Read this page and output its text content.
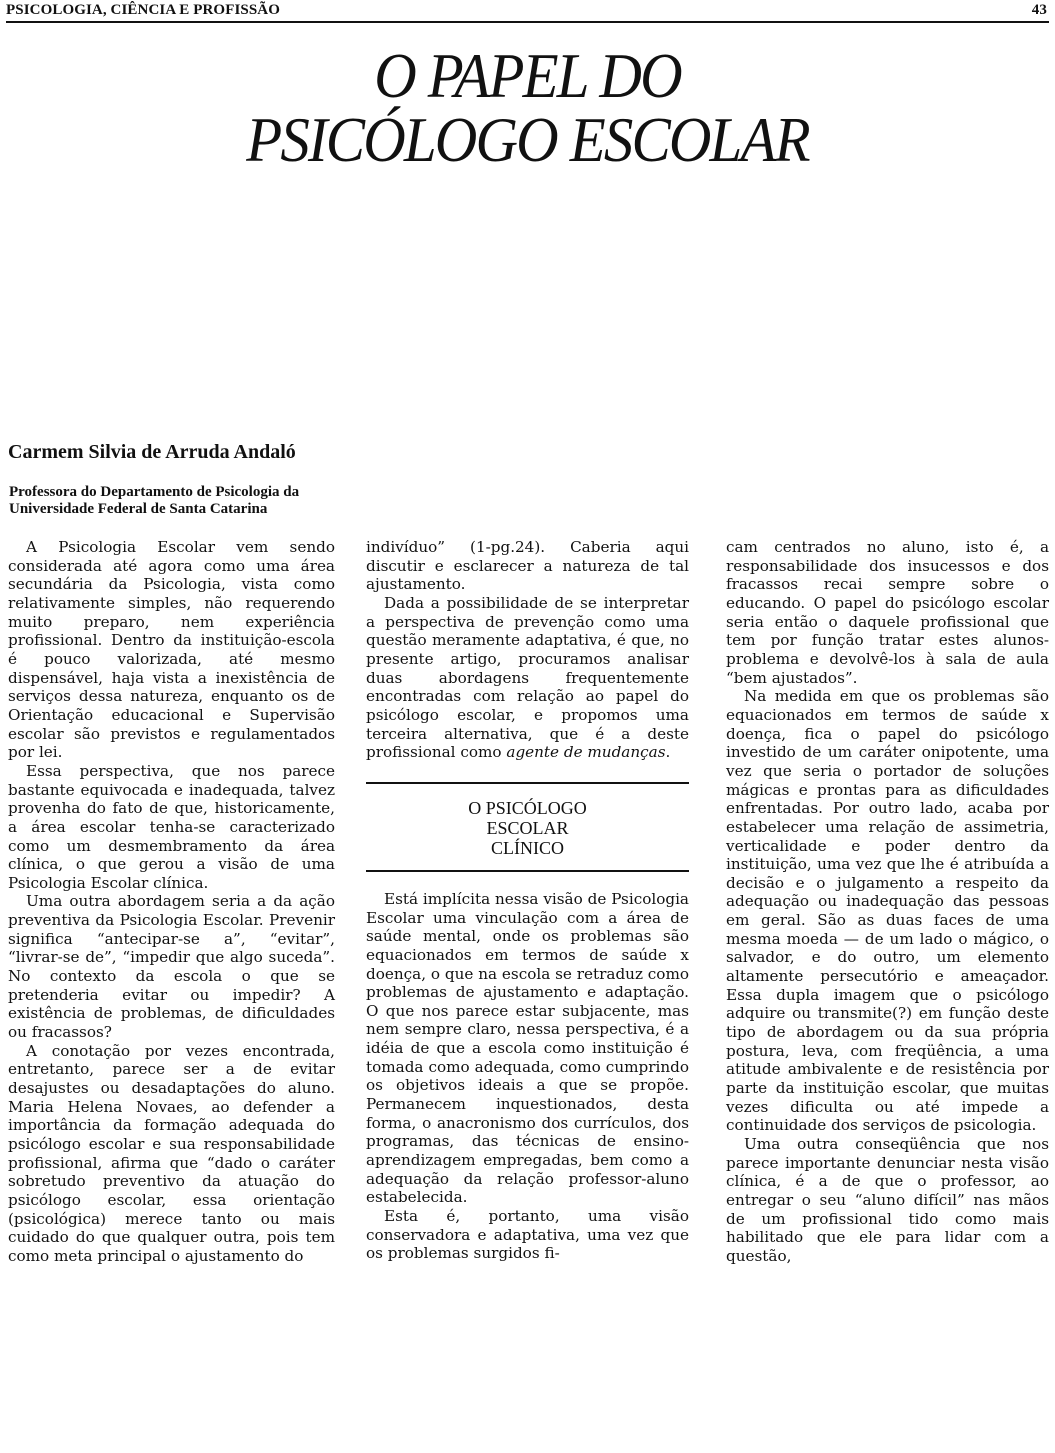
PSICOLOGIA, CIÊNCIA E PROFISSÃO	43
O PAPEL DO
PSICÓLOGO ESCOLAR
Carmem Silvia de Arruda Andaló
Professora do Departamento de Psicologia da
Universidade Federal de Santa Catarina

A Psicologia Escolar vem sendo considerada até agora como uma área secundária da Psicologia, vista como relativamente simples, não requerendo muito preparo, nem experiência profissional. Dentro da instituição-escola é pouco valorizada, até mesmo dispensável, haja vista a inexistência de serviços dessa natureza, enquanto os de Orientação educacional e Supervisão escolar são previstos e regulamentados por lei.

Essa perspectiva, que nos parece bastante equivocada e inadequada, talvez provenha do fato de que, historicamente, a área escolar tenha-se caracterizado como um desmembramento da área clínica, o que gerou a visão de uma Psicologia Escolar clínica.

Uma outra abordagem seria a da ação preventiva da Psicologia Escolar. Prevenir significa “antecipar-se a”, “evitar”, “livrar-se de”, “impedir que algo suceda”. No contexto da escola o que se pretenderia evitar ou impedir? A existência de problemas, de dificuldades ou fracassos?

A conotação por vezes encontrada, entretanto, parece ser a de evitar desajustes ou desadaptações do aluno. Maria Helena Novaes, ao defender a importância da formação adequada do psicólogo escolar e sua responsabilidade profissional, afirma que “dado o caráter sobretudo preventivo da atuação do psicólogo escolar, essa orientação (psicológica) merece tanto ou mais cuidado do que qualquer outra, pois tem como meta principal o ajustamento do

indivíduo” (1-pg.24). Caberia aqui discutir e esclarecer a natureza de tal ajustamento.

Dada a possibilidade de se interpretar a perspectiva de prevenção como uma questão meramente adaptativa, é que, no presente artigo, procuramos analisar duas abordagens frequentemente encontradas com relação ao papel do psicólogo escolar, e propomos uma terceira alternativa, que é a deste profissional como agente de mudanças.

O PSICÓLOGO
ESCOLAR
CLÍNICO

Está implícita nessa visão de Psicologia Escolar uma vinculação com a área de saúde mental, onde os problemas são equacionados em termos de saúde x doença, o que na escola se retraduz como problemas de ajustamento e adaptação. O que nos parece estar subjacente, mas nem sempre claro, nessa perspectiva, é a idéia de que a escola como instituição é tomada como adequada, como cumprindo os objetivos ideais a que se propõe. Permanecem inquestionados, desta forma, o anacronismo dos currículos, dos programas, das técnicas de ensino-aprendizagem empregadas, bem como a adequação da relação professor-aluno estabelecida.

Esta é, portanto, uma visão conservadora e adaptativa, uma vez que os problemas surgidos fi-

cam centrados no aluno, isto é, a responsabilidade dos insucessos e dos fracassos recai sempre sobre o educando. O papel do psicólogo escolar seria então o daquele profissional que tem por função tratar estes alunos-problema e devolvê-los à sala de aula “bem ajustados”.

Na medida em que os problemas são equacionados em termos de saúde x doença, fica o papel do psicólogo investido de um caráter onipotente, uma vez que seria o portador de soluções mágicas e prontas para as dificuldades enfrentadas. Por outro lado, acaba por estabelecer uma relação de assimetria, verticalidade e poder dentro da instituição, uma vez que lhe é atribuída a decisão e o julgamento a respeito da adequação ou inadequação das pessoas em geral. São as duas faces de uma mesma moeda — de um lado o mágico, o salvador, e do outro, um elemento altamente persecutório e ameaçador. Essa dupla imagem que o psicólogo adquire ou transmite(?) em função deste tipo de abordagem ou da sua própria postura, leva, com freqüência, a uma atitude ambivalente e de resistência por parte da instituição escolar, que muitas vezes dificulta ou até impede a continuidade dos serviços de psicologia.

Uma outra conseqüência que nos parece importante denunciar nesta visão clínica, é a de que o professor, ao entregar o seu “aluno difícil” nas mãos de um profissional tido como mais habilitado que ele para lidar com a questão,
